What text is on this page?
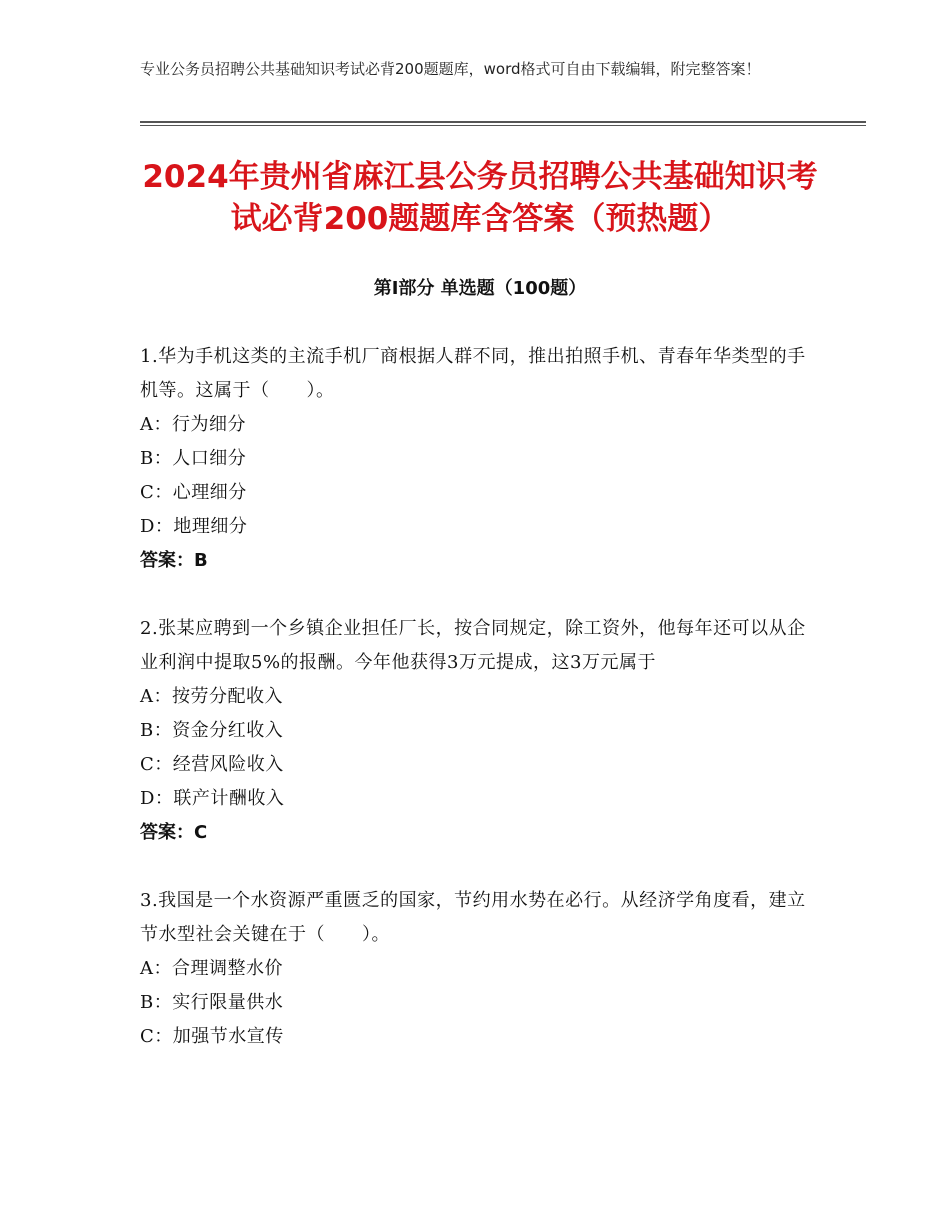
专业公务员招聘公共基础知识考试必背200题题库，word格式可自由下载编辑，附完整答案！
2024年贵州省麻江县公务员招聘公共基础知识考试必背200题题库含答案（预热题）
第Ⅰ部分 单选题（100题）
1.华为手机这类的主流手机厂商根据人群不同，推出拍照手机、青春年华类型的手机等。这属于（　　）。
A：行为细分
B：人口细分
C：心理细分
D：地理细分
答案：B
2.张某应聘到一个乡镇企业担任厂长，按合同规定，除工资外，他每年还可以从企业利润中提取5%的报酬。今年他获得3万元提成，这3万元属于
A：按劳分配收入
B：资金分红收入
C：经营风险收入
D：联产计酬收入
答案：C
3.我国是一个水资源严重匮乏的国家，节约用水势在必行。从经济学角度看，建立节水型社会关键在于（　　）。
A：合理调整水价
B：实行限量供水
C：加强节水宣传
